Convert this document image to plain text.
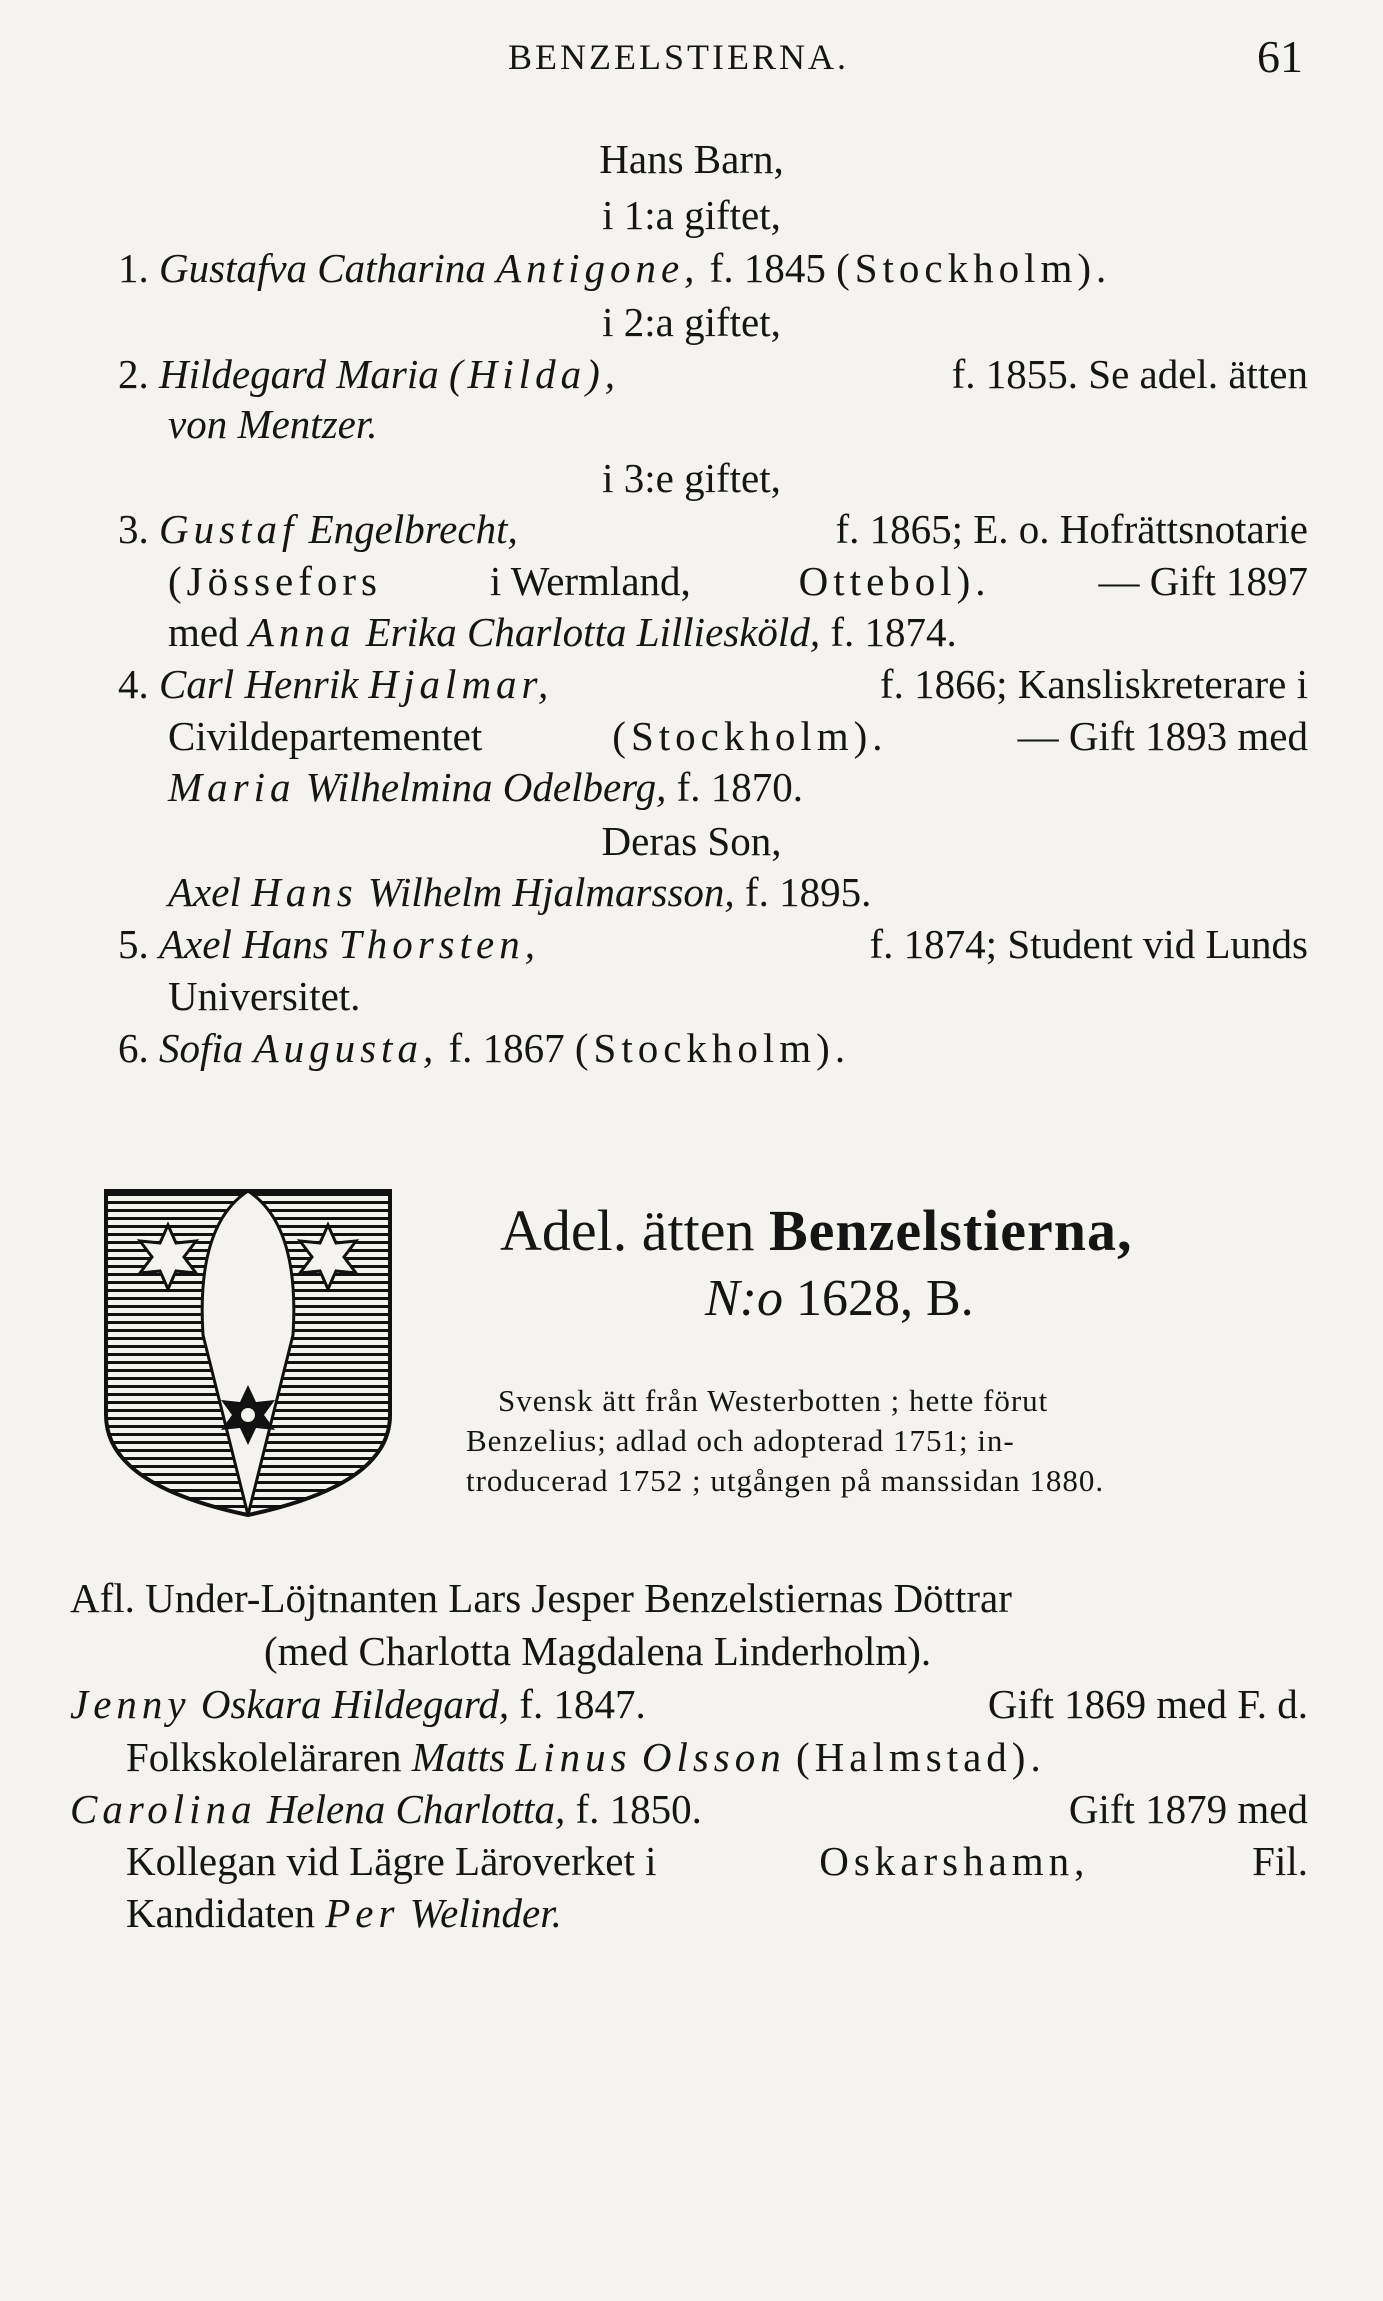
BENZELSTIERNA.	61
Hans Barn,
i 1:a giftet,
1. Gustafva Catharina Antigone, f. 1845 (Stockholm).
i 2:a giftet,
2. Hildegard Maria (Hilda),	f. 1855. Se adel. ätten
von Mentzer.
i 3:e giftet,
3. Gustaf Engelbrecht,	f. 1865; E. o. Hofrättsnotarie
(Jössefors	i Wermland,	Ottebol).	— Gift 1897
med Anna Erika Charlotta Lilliesköld, f. 1874.
4. Carl Henrik Hjalmar,	f. 1866; Kansliskreterare i
Civildepartementet	(Stockholm).	— Gift 1893 med
Maria Wilhelmina Odelberg, f. 1870.
Deras Son,
Axel Hans Wilhelm Hjalmarsson, f. 1895.
5. Axel Hans Thorsten,	f. 1874; Student vid Lunds
Universitet.
6. Sofia Augusta, f. 1867 (Stockholm).
Adel. ätten Benzelstierna,
N:o 1628, B.
Svensk ätt från Westerbotten ; hette förut
Benzelius; adlad och adopterad 1751; in-
troducerad 1752 ; utgången på manssidan 1880.
Afl. Under-Löjtnanten Lars Jesper Benzelstiernas Döttrar
(med Charlotta Magdalena Linderholm).
Jenny Oskara Hildegard, f. 1847.	Gift 1869 med F. d.
Folkskoleläraren Matts Linus Olsson (Halmstad).
Carolina Helena Charlotta, f. 1850.	Gift 1879 med
Kollegan vid Lägre Läroverket i	Oskarshamn,	Fil.
Kandidaten Per Welinder.
